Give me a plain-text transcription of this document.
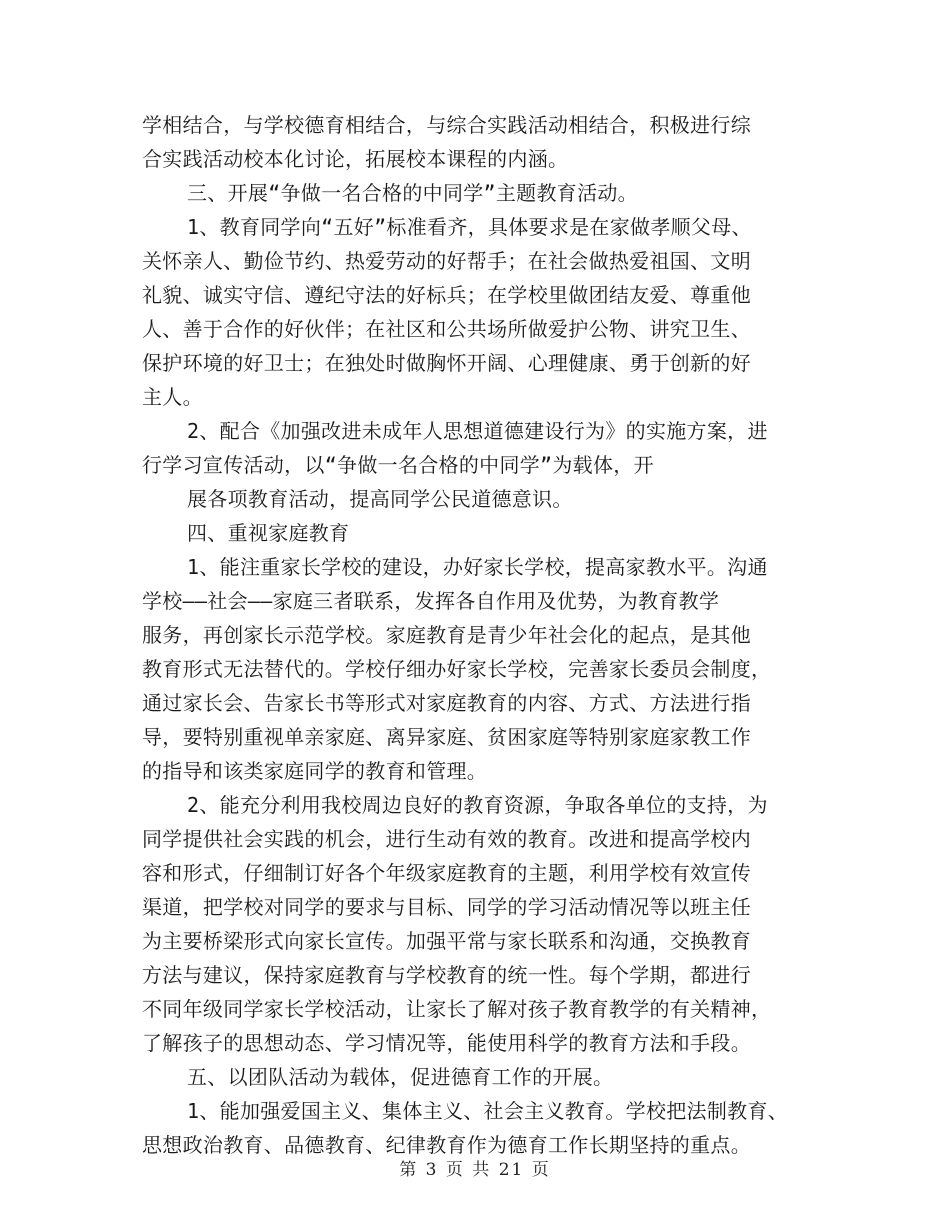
学相结合，与学校德育相结合，与综合实践活动相结合，积极进行综
合实践活动校本化讨论，拓展校本课程的内涵。
三、开展“争做一名合格的中同学”主题教育活动。
1、教育同学向“五好”标准看齐，具体要求是在家做孝顺父母、
关怀亲人、勤俭节约、热爱劳动的好帮手；在社会做热爱祖国、文明
礼貌、诚实守信、遵纪守法的好标兵；在学校里做团结友爱、尊重他
人、善于合作的好伙伴；在社区和公共场所做爱护公物、讲究卫生、
保护环境的好卫士；在独处时做胸怀开阔、心理健康、勇于创新的好
主人。
2、配合《加强改进未成年人思想道德建设行为》的实施方案，进
行学习宣传活动，以“争做一名合格的中同学”为载体，开
展各项教育活动，提高同学公民道德意识。
四、重视家庭教育
1、能注重家长学校的建设，办好家长学校，提高家教水平。沟通
学校——社会——家庭三者联系，发挥各自作用及优势，为教育教学
服务，再创家长示范学校。家庭教育是青少年社会化的起点，是其他
教育形式无法替代的。学校仔细办好家长学校，完善家长委员会制度，
通过家长会、告家长书等形式对家庭教育的内容、方式、方法进行指
导，要特别重视单亲家庭、离异家庭、贫困家庭等特别家庭家教工作
的指导和该类家庭同学的教育和管理。
2、能充分利用我校周边良好的教育资源，争取各单位的支持，为
同学提供社会实践的机会，进行生动有效的教育。改进和提高学校内
容和形式，仔细制订好各个年级家庭教育的主题，利用学校有效宣传
渠道，把学校对同学的要求与目标、同学的学习活动情况等以班主任
为主要桥梁形式向家长宣传。加强平常与家长联系和沟通，交换教育
方法与建议，保持家庭教育与学校教育的统一性。每个学期，都进行
不同年级同学家长学校活动，让家长了解对孩子教育教学的有关精神，
了解孩子的思想动态、学习情况等，能使用科学的教育方法和手段。
五、以团队活动为载体，促进德育工作的开展。
1、能加强爱国主义、集体主义、社会主义教育。学校把法制教育、
思想政治教育、品德教育、纪律教育作为德育工作长期坚持的重点。
第 3 页 共 21 页
